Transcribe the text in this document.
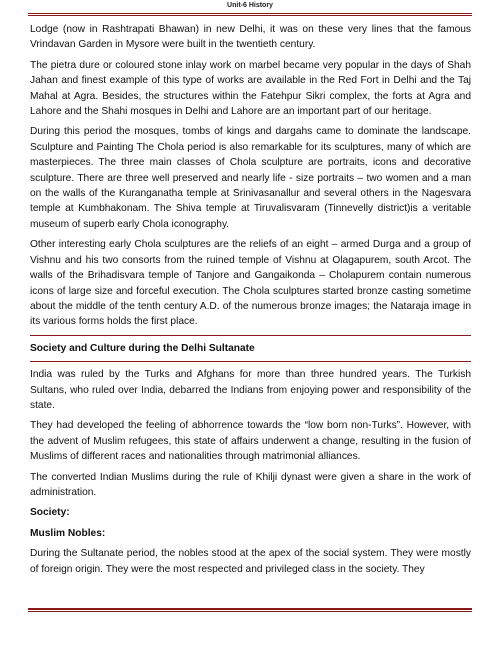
Unit-6 History

Lodge (now in Rashtrapati Bhawan) in new Delhi, it was on these very lines that the famous Vrindavan Garden in Mysore were built in the twentieth century.

The pietra dure or coloured stone inlay work on marbel became very popular in the days of Shah Jahan and finest example of this type of works are available in the Red Fort in Delhi and the Taj Mahal at Agra. Besides, the structures within the Fatehpur Sikri complex, the forts at Agra and Lahore and the Shahi mosques in Delhi and Lahore are an important part of our heritage.

During this period the mosques, tombs of kings and dargahs came to dominate the landscape. Sculpture and Painting The Chola period is also remarkable for its sculptures, many of which are masterpieces. The three main classes of Chola sculpture are portraits, icons and decorative sculpture. There are three well preserved and nearly life - size portraits – two women and a man on the walls of the Kuranganatha temple at Srinivasanallur and several others in the Nagesvara temple at Kumbhakonam. The Shiva temple at Tiruvalisvaram (Tinnevelly district)is a veritable museum of superb early Chola iconography.

Other interesting early Chola sculptures are the reliefs of an eight – armed Durga and a group of Vishnu and his two consorts from the ruined temple of Vishnu at Olagapurem, south Arcot. The walls of the Brihadisvara temple of Tanjore and Gangaikonda – Cholapurem contain numerous icons of large size and forceful execution. The Chola sculptures started bronze casting sometime about the middle of the tenth century A.D. of the numerous bronze images; the Nataraja image in its various forms holds the first place.

Society and Culture during the Delhi Sultanate

India was ruled by the Turks and Afghans for more than three hundred years. The Turkish Sultans, who ruled over India, debarred the Indians from enjoying power and responsibility of the state.

They had developed the feeling of abhorrence towards the “low born non-Turks”. However, with the advent of Muslim refugees, this state of affairs underwent a change, resulting in the fusion of Muslims of different races and nationalities through matrimonial alliances.

The converted Indian Muslims during the rule of Khilji dynast were given a share in the work of administration.

Society:
Muslim Nobles:

During the Sultanate period, the nobles stood at the apex of the social system. They were mostly of foreign origin. They were the most respected and privileged class in the society. They
